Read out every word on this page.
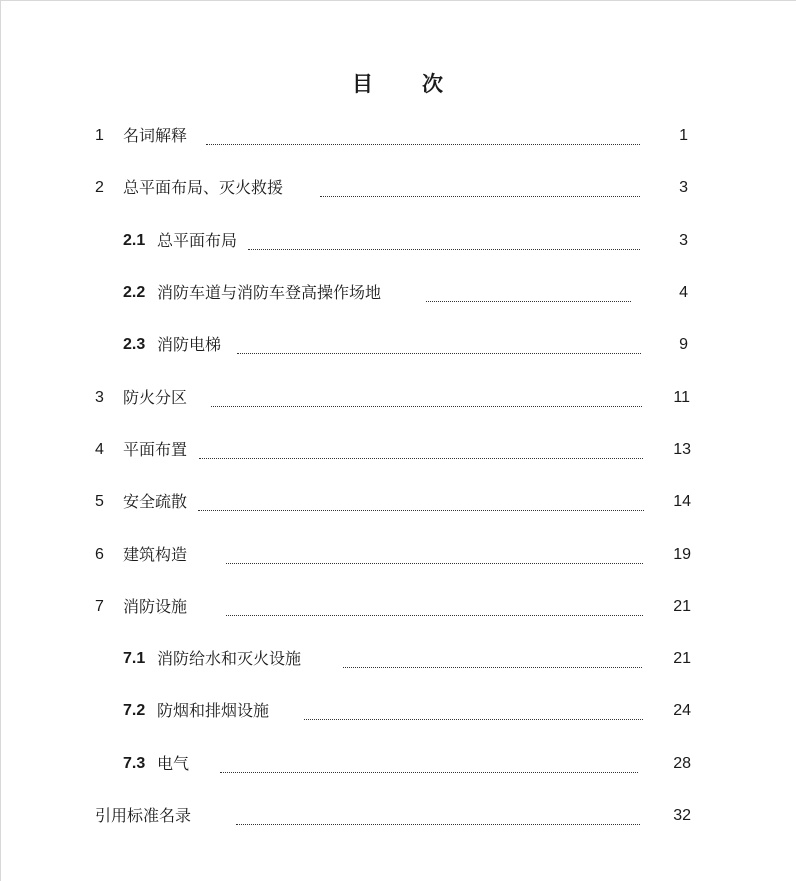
目 次
1 名词解释	1
2 总平面布局、灭火救援	3
2.1 总平面布局	3
2.2 消防车道与消防车登高操作场地	4
2.3 消防电梯	9
3 防火分区	11
4 平面布置	13
5 安全疏散	14
6 建筑构造	19
7 消防设施	21
7.1 消防给水和灭火设施	21
7.2 防烟和排烟设施	24
7.3 电气	28
引用标准名录	32
